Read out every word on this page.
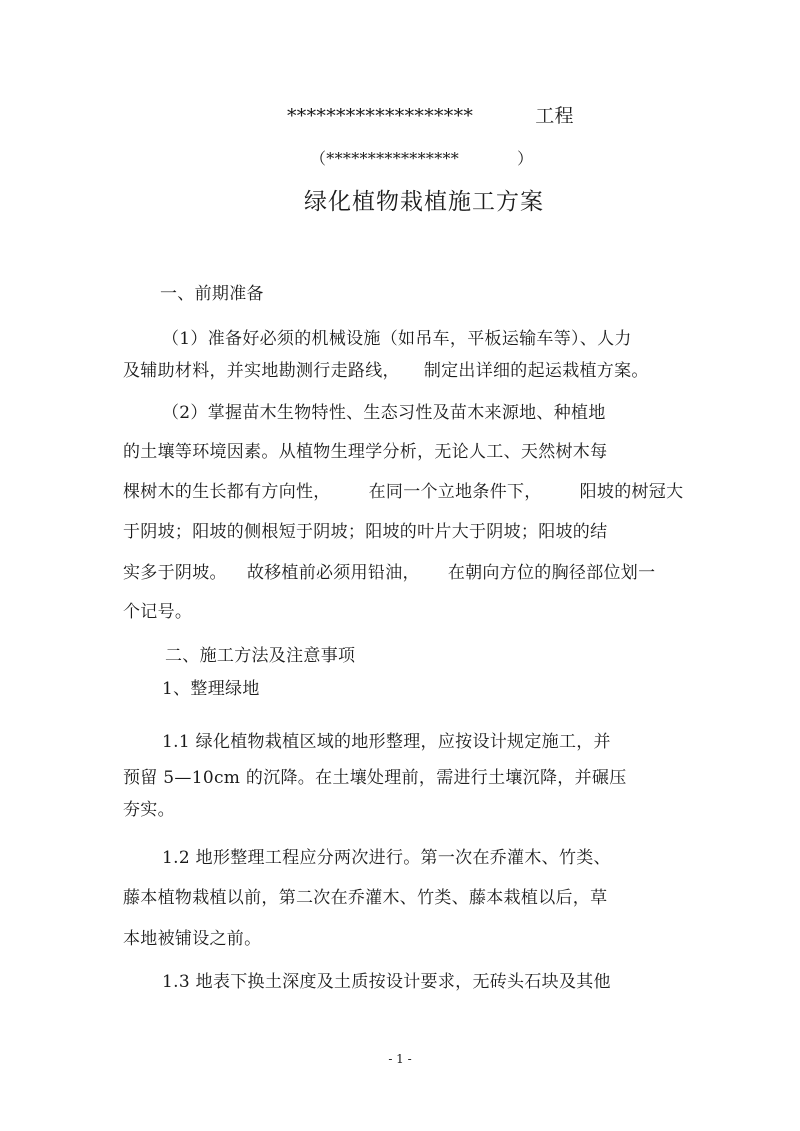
*******************	工程
（****************	）
绿化植物栽植施工方案
一、前期准备
（1）准备好必须的机械设施（如吊车，平板运输车等）、人力
及辅助材料，并实地勘测行走路线， 制定出详细的起运栽植方案。
（2）掌握苗木生物特性、生态习性及苗木来源地、种植地
的土壤等环境因素。从植物生理学分析，无论人工、天然树木每
棵树木的生长都有方向性， 在同一个立地条件下， 阳坡的树冠大
于阴坡；阳坡的侧根短于阴坡；阳坡的叶片大于阴坡；阳坡的结
实多于阴坡。 故移植前必须用铅油， 在朝向方位的胸径部位划一
个记号。
二、施工方法及注意事项
1、整理绿地
1.1 绿化植物栽植区域的地形整理，应按设计规定施工，并
预留 5—10cm 的沉降。在土壤处理前，需进行土壤沉降，并碾压
夯实。
1.2 地形整理工程应分两次进行。第一次在乔灌木、竹类、
藤本植物栽植以前，第二次在乔灌木、竹类、藤本栽植以后，草
本地被铺设之前。
1.3 地表下换土深度及土质按设计要求，无砖头石块及其他
- 1 -
